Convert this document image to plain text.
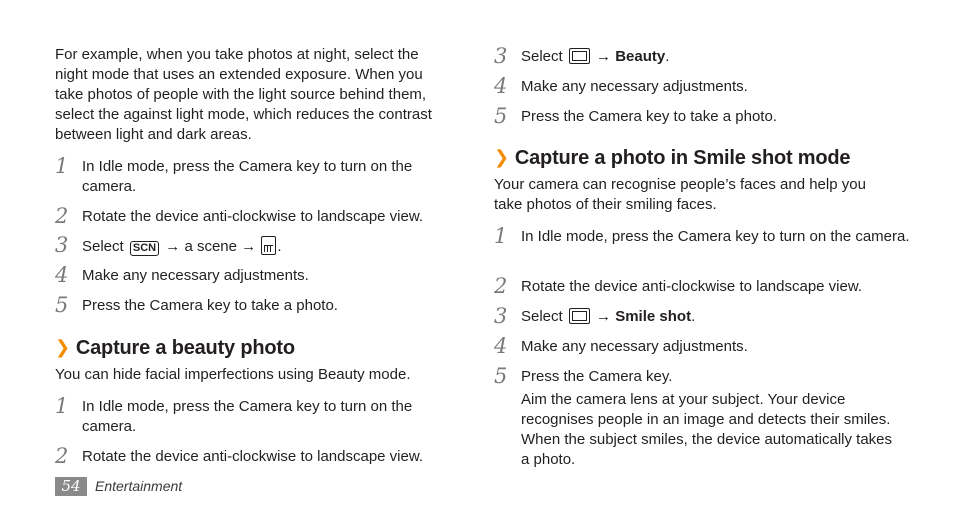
For example, when you take photos at night, select the night mode that uses an extended exposure. When you take photos of people with the light source behind them, select the against light mode, which reduces the contrast between light and dark areas.

1 In Idle mode, press the Camera key to turn on the camera.
2 Rotate the device anti-clockwise to landscape view.
3 Select SCN → a scene → .
4 Make any necessary adjustments.
5 Press the Camera key to take a photo.
❯ Capture a beauty photo

You can hide facial imperfections using Beauty mode.

1 In Idle mode, press the Camera key to turn on the camera.
2 Rotate the device anti-clockwise to landscape view.
3 Select → Beauty.
4 Make any necessary adjustments.
5 Press the Camera key to take a photo.
❯ Capture a photo in Smile shot mode

Your camera can recognise people’s faces and help you take photos of their smiling faces.

1 In Idle mode, press the Camera key to turn on the camera.
2 Rotate the device anti-clockwise to landscape view.
3 Select → Smile shot.
4 Make any necessary adjustments.
5 Press the Camera key.
Aim the camera lens at your subject. Your device recognises people in an image and detects their smiles. When the subject smiles, the device automatically takes a photo.
54	Entertainment
